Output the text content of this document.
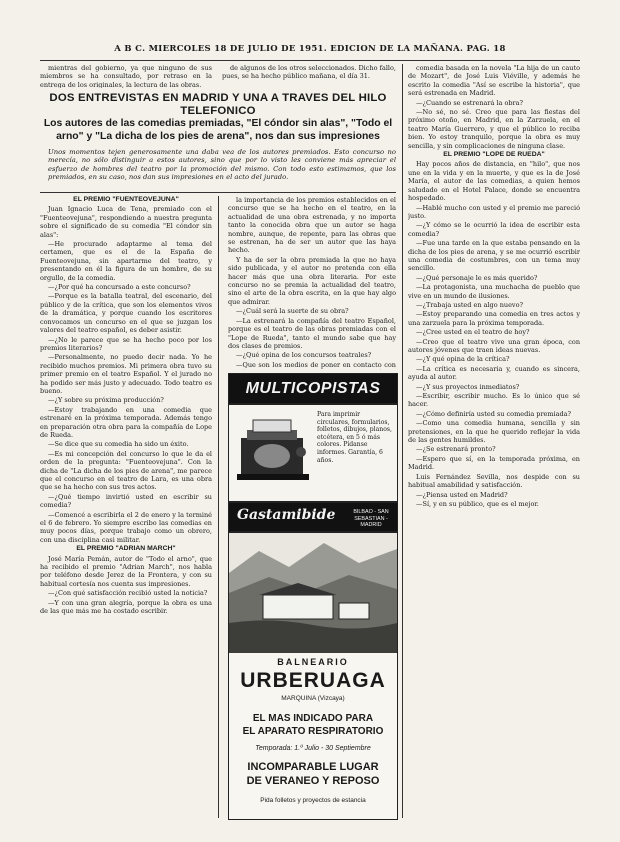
A B C. MIERCOLES 18 DE JULIO DE 1951. EDICION DE LA MAÑANA. PAG. 18

mientras del gobierno, ya que ninguno de sus miembros se ha consultado, por retraso en la entrega de los originales, la lectura de las obras.

de algunos de los otros seleccionados. Dicho fallo, pues, se ha hecho público mañana, el día 31.

DOS ENTREVISTAS EN MADRID Y UNA A TRAVES DEL HILO TELEFONICO
Los autores de las comedias premiadas, "El cóndor sin alas", "Todo el arno" y "La dicha de los pies de arena", nos dan sus impresiones
Unos momentos tejen generosamente una daba vea de los autores premiados. Esto concurso no merecía, no sólo distinguir a estos autores, sino que por lo visto les conviene más apreciar el esfuerzo de hombres del teatro por la promoción del mismo. Con todo esto estimamos, que los premiados, en su caso, nos dan sus impresiones en el acto del jurado.

EL PREMIO "FUENTEOVEJUNA"

Juan Ignacio Luca de Tena, premiado con el "Fuenteovejuna", respondiendo a nuestra pregunta sobre el significado de su comedia "El cóndor sin alas":

—He procurado adaptarme al tema del certamen, que es el de la España de Fuenteovejuna, sin apartarme del teatro, y presentando en él la figura de un hombre, de su orgullo, de la comedia.

—¿Por qué ha concursado a este concurso?

—Porque es la batalla teatral, del escenario, del público y de la crítica, que son los elementos vivos de la dramática, y porque cuando los escritores convocamos un concurso en el que se juzgan los valores del teatro español, es deber asistir.

—¿No le parece que se ha hecho poco por los premios literarios?

—Personalmente, no puedo decir nada. Yo he recibido muchos premios. Mi primera obra tuvo su primer premio en el teatro Español. Y el jurado no ha podido ser más justo y adecuado. Todo teatro es bueno.

—¿Y sobre su próxima producción?

—Estoy trabajando en una comedia que estrenaré en la próxima temporada. Además tengo en preparación otra obra para la compañía de Lope de Rueda.

—Se dice que su comedia ha sido un éxito.

—Es mi concepción del concurso lo que le da el orden de la pregunta: "Fuenteovejuna". Con la dicha de "La dicha de los pies de arena", me parece que el concurso en el teatro de Lara, es una obra que se ha hecho con sus tres actos.

—¿Qué tiempo invirtió usted en escribir su comedia?

—Comencé a escribirla el 2 de enero y la terminé el 6 de febrero. Yo siempre escribo las comedias en muy pocos días, porque trabajo como un obrero, con una disciplina casi militar.

EL PREMIO "ADRIAN MARCH"

José María Pemán, autor de "Todo el arno", que ha recibido el premio "Adrian March", nos habla por teléfono desde Jerez de la Frontera, y con su habitual cortesía nos cuenta sus impresiones.

—¿Con qué satisfacción recibió usted la noticia?

—Y con una gran alegría, porque la obra es una de las que más me ha costado escribir.

la importancia de los premios establecidos en el concurso que se ha hecho en el teatro, en la actualidad de una obra estrenada, y no importa tanto la conocida obra que un autor se haga nombre, aunque, de repente, para las obras que se estrenan, ha de ser un autor que las haya hecho.

Y ha de ser la obra premiada la que no haya sido publicada, y el autor no pretenda con ella hacer más que una obra literaria. Por este concurso no se premia la actualidad del teatro, sino el arte de la obra escrita, en la que hay algo que admirar.

—¿Cuál será la suerte de su obra?

—La estrenará la compañía del teatro Español, porque es el teatro de las obras premiadas con el "Lope de Rueda", tanto el mundo sabe que hay dos clases de premios.

—¿Qué opina de los concursos teatrales?

—Que son los medios de poner en contacto con

MULTICOPISTAS
Para imprimir circulares, formularios, folletos, dibujos, planos, etcétera, en 5 ó más colores. Pídanse informes. Garantía, 6 años.
Gastamibide	BILBAO - SAN SEBASTIAN - MADRID
BALNEARIO
URBERUAGA
MARQUINA (Vizcaya)
EL MAS INDICADO PARA
EL APARATO RESPIRATORIO
Temporada: 1.º Julio - 30 Septiembre
INCOMPARABLE LUGAR
DE VERANEO Y REPOSO
Pida folletos y proyectos de estancia

comedia basada en la novela "La hija de un cauto de Mozart", de José Luis Viéville, y además he escrito la comedia "Así se escribe la historia", que será estrenada en Madrid.

—¿Cuando se estrenará la obra?

—No sé, no sé. Creo que para las fiestas del próximo otoño, en Madrid, en la Zarzuela, en el teatro María Guerrero, y que el público lo reciba bien. Yo estoy tranquilo, porque la obra es muy sencilla, y sin complicaciones de ninguna clase.

EL PREMIO "LOPE DE RUEDA"

Hay pocos años de distancia, en "hilo", que nos une en la vida y en la muerte, y que es la de José María, el autor de las comedias, a quien hemos saludado en el Hotel Palace, donde se encuentra hospedado.

—Hablé mucho con usted y el premio me pareció justo.

—¿Y cómo se le ocurrió la idea de escribir esta comedia?

—Fue una tarde en la que estaba pensando en la dicha de los pies de arena, y se me ocurrió escribir una comedia de costumbres, con un tema muy sencillo.

—¿Qué personaje le es más querido?

—La protagonista, una muchacha de pueblo que vive en un mundo de ilusiones.

—¿Trabaja usted en algo nuevo?

—Estoy preparando una comedia en tres actos y una zarzuela para la próxima temporada.

—¿Cree usted en el teatro de hoy?

—Creo que el teatro vive una gran época, con autores jóvenes que traen ideas nuevas.

—¿Y qué opina de la crítica?

—La crítica es necesaria y, cuando es sincera, ayuda al autor.

—¿Y sus proyectos inmediatos?

—Escribir, escribir mucho. Es lo único que sé hacer.

—¿Cómo definiría usted su comedia premiada?

—Como una comedia humana, sencilla y sin pretensiones, en la que he querido reflejar la vida de las gentes humildes.

—¿Se estrenará pronto?

—Espero que sí, en la temporada próxima, en Madrid.

Luis Fernández Sevilla, nos despide con su habitual amabilidad y satisfacción.

—¿Piensa usted en Madrid?

—Sí, y en su público, que es el mejor.
